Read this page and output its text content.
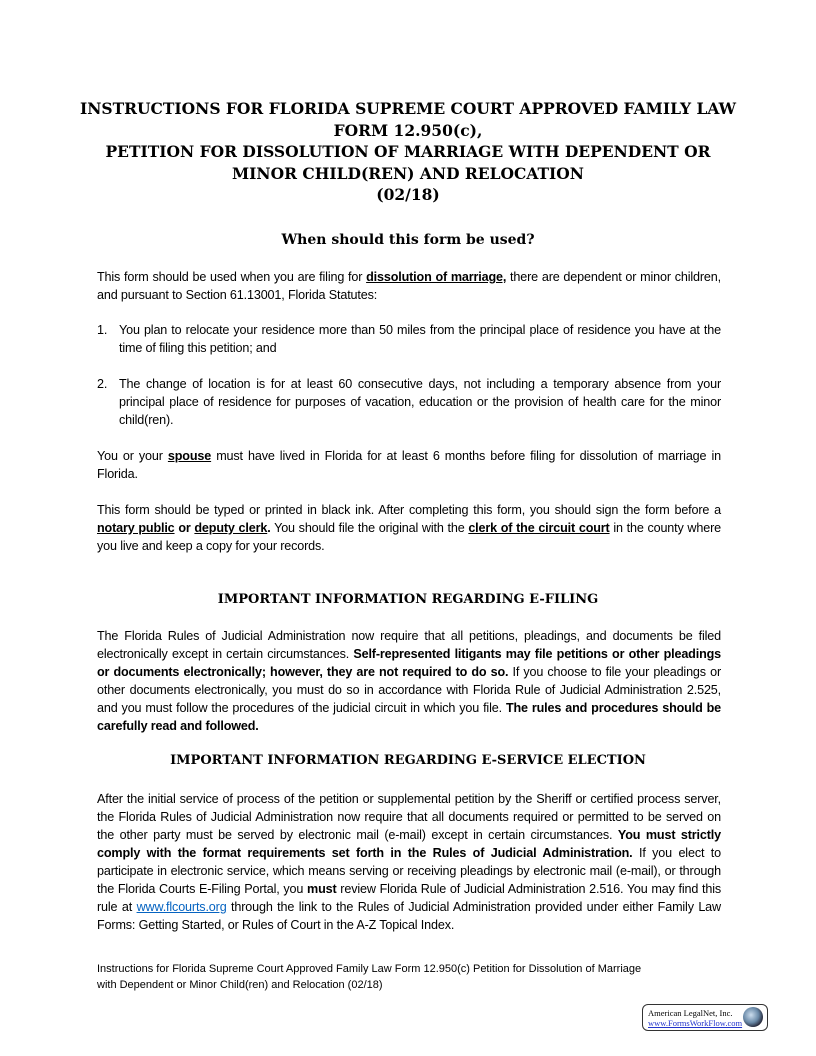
INSTRUCTIONS FOR FLORIDA SUPREME COURT APPROVED FAMILY LAW
FORM 12.950(c),
PETITION FOR DISSOLUTION OF MARRIAGE WITH DEPENDENT OR
MINOR CHILD(REN) AND RELOCATION
(02/18)
When should this form be used?
This form should be used when you are filing for dissolution of marriage, there are dependent or minor children, and pursuant to Section 61.13001, Florida Statutes:
1. You plan to relocate your residence more than 50 miles from the principal place of residence you have at the time of filing this petition; and
2. The change of location is for at least 60 consecutive days, not including a temporary absence from your principal place of residence for purposes of vacation, education or the provision of health care for the minor child(ren).
You or your spouse must have lived in Florida for at least 6 months before filing for dissolution of marriage in Florida.
This form should be typed or printed in black ink. After completing this form, you should sign the form before a notary public or deputy clerk. You should file the original with the clerk of the circuit court in the county where you live and keep a copy for your records.
IMPORTANT INFORMATION REGARDING E-FILING
The Florida Rules of Judicial Administration now require that all petitions, pleadings, and documents be filed electronically except in certain circumstances. Self-represented litigants may file petitions or other pleadings or documents electronically; however, they are not required to do so. If you choose to file your pleadings or other documents electronically, you must do so in accordance with Florida Rule of Judicial Administration 2.525, and you must follow the procedures of the judicial circuit in which you file. The rules and procedures should be carefully read and followed.
IMPORTANT INFORMATION REGARDING E-SERVICE ELECTION
After the initial service of process of the petition or supplemental petition by the Sheriff or certified process server, the Florida Rules of Judicial Administration now require that all documents required or permitted to be served on the other party must be served by electronic mail (e-mail) except in certain circumstances. You must strictly comply with the format requirements set forth in the Rules of Judicial Administration. If you elect to participate in electronic service, which means serving or receiving pleadings by electronic mail (e-mail), or through the Florida Courts E-Filing Portal, you must review Florida Rule of Judicial Administration 2.516. You may find this rule at www.flcourts.org through the link to the Rules of Judicial Administration provided under either Family Law Forms: Getting Started, or Rules of Court in the A-Z Topical Index.
Instructions for Florida Supreme Court Approved Family Law Form 12.950(c) Petition for Dissolution of Marriage
with Dependent or Minor Child(ren) and Relocation (02/18)
American LegalNet, Inc.
www.FormsWorkFlow.com
